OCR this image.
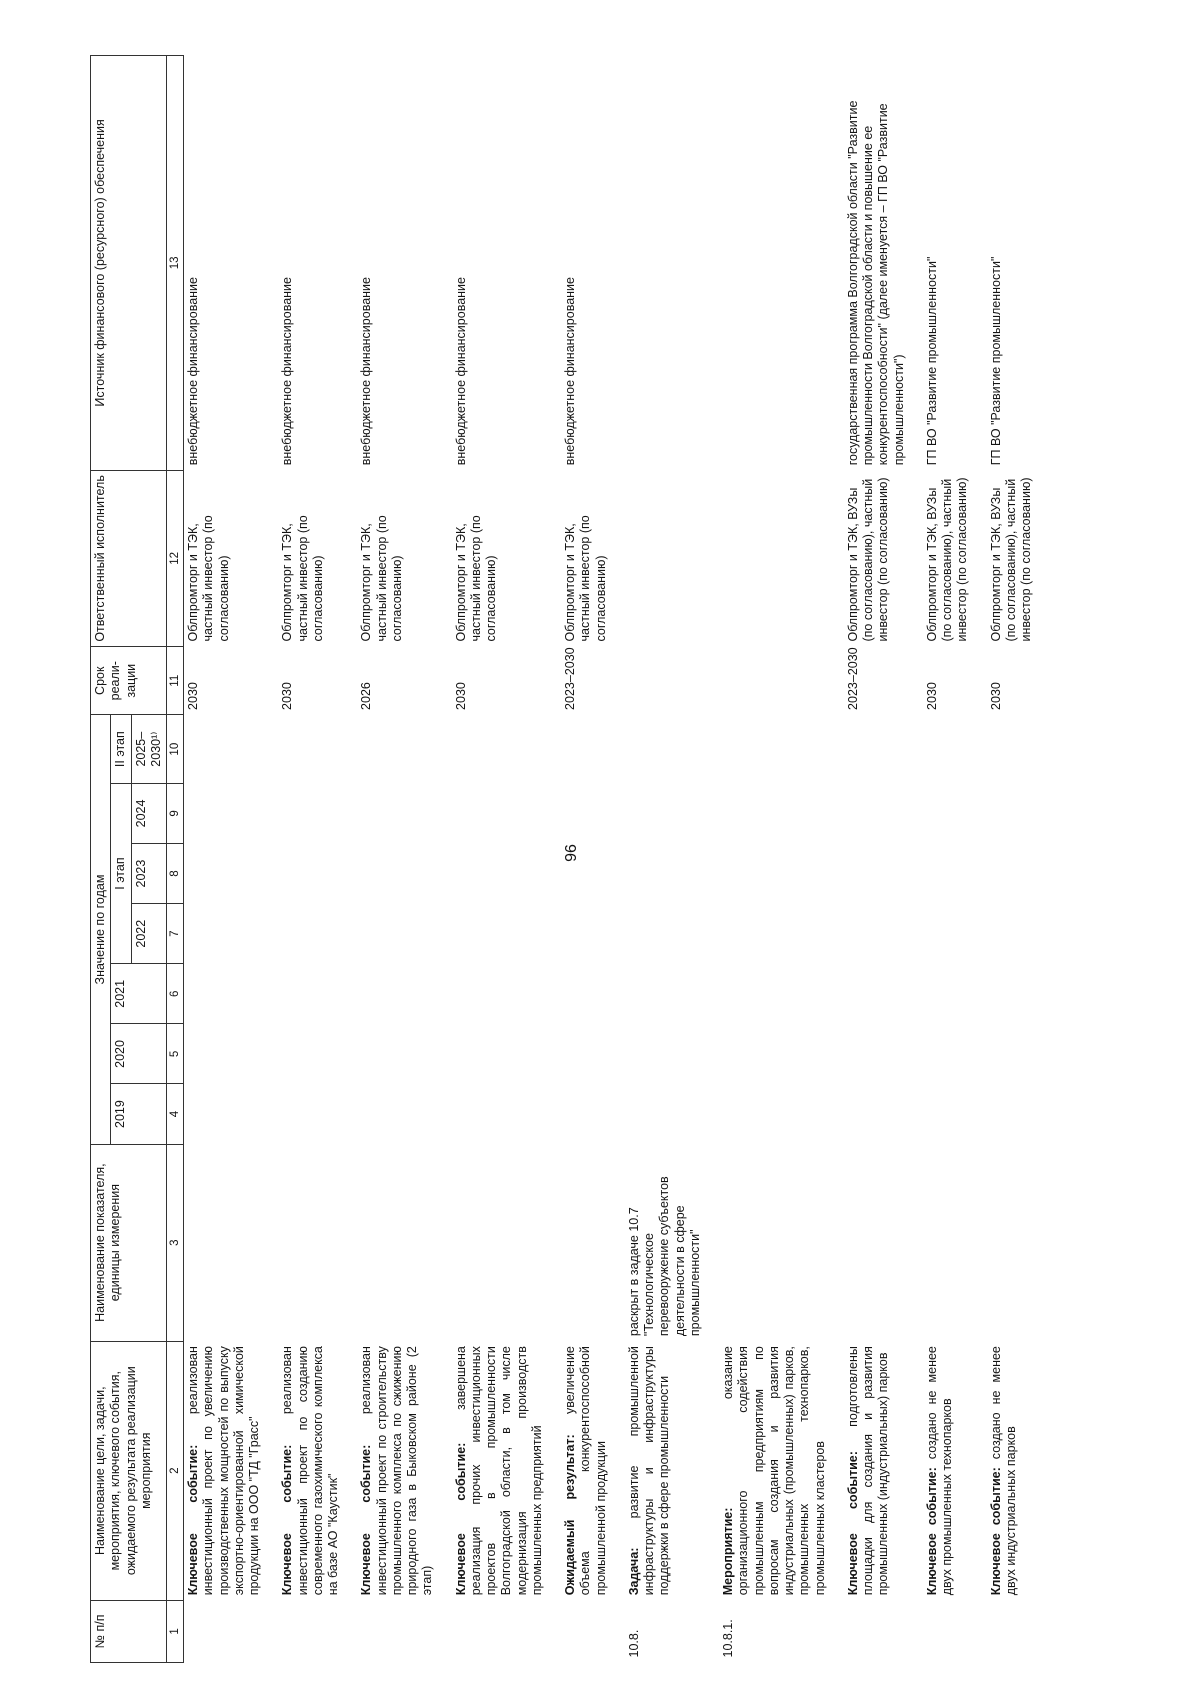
96
№ п/п	Наименование цели, задачи, мероприятия, ключевого события, ожидаемого результата реализации мероприятия	Наименование показателя, единицы измерения	Значение по годам							Срок реали-зации	Ответственный исполнитель	Источник финансового (ресурсного) обеспечения
			2019	2020	2021	I этап			II этап			
						2022	2023	2024	2025–2030¹⁾			
1	2	3	4	5	6	7	8	9	10	11	12	13
	Ключевое событие: реализован инвестиционный проект по увеличению производственных мощностей по выпуску экспортно-ориентированной химической продукции на ООО "ТД "Грасс"									2030	Облпромторг и ТЭК, частный инвестор (по согласованию)	внебюджетное финансирование
	Ключевое событие: реализован инвестиционный проект по созданию современного газохимического комплекса на базе АО "Каустик"									2030	Облпромторг и ТЭК, частный инвестор (по согласованию)	внебюджетное финансирование
	Ключевое событие: реализован инвестиционный проект по строительству промышленного комплекса по сжижению природного газа в Быковском районе (2 этап)									2026	Облпромторг и ТЭК, частный инвестор (по согласованию)	внебюджетное финансирование
	Ключевое событие: завершена реализация прочих инвестиционных проектов в промышленности Волгоградской области, в том числе модернизация производств промышленных предприятий									2030	Облпромторг и ТЭК, частный инвестор (по согласованию)	внебюджетное финансирование
	Ожидаемый результат: увеличение объема конкурентоспособной промышленной продукции									2023–2030	Облпромторг и ТЭК, частный инвестор (по согласованию)	внебюджетное финансирование
10.8.	Задача: развитие промышленной инфраструктуры и инфраструктуры поддержки в сфере промышленности	раскрыт в задаче 10.7 "Технологическое перевооружение субъектов деятельности в сфере промышленности"										
10.8.1.	Мероприятие: оказание организационного содействия промышленным предприятиям по вопросам создания и развития индустриальных (промышленных) парков, промышленных технопарков, промышленных кластеров											
	Ключевое событие: подготовлены площадки для создания и развития промышленных (индустриальных) парков									2023–2030	Облпромторг и ТЭК, ВУЗы (по согласованию), частный инвестор (по согласованию)	государственная программа Волгоградской области "Развитие промышленности Волгоградской области и повышение ее конкурентоспособности" (далее именуется – ГП ВО "Развитие промышленности")
	Ключевое событие: создано не менее двух промышленных технопарков									2030	Облпромторг и ТЭК, ВУЗы (по согласованию), частный инвестор (по согласованию)	ГП ВО "Развитие промышленности"
	Ключевое событие: создано не менее двух индустриальных парков									2030	Облпромторг и ТЭК, ВУЗы (по согласованию), частный инвестор (по согласованию)	ГП ВО "Развитие промышленности"
